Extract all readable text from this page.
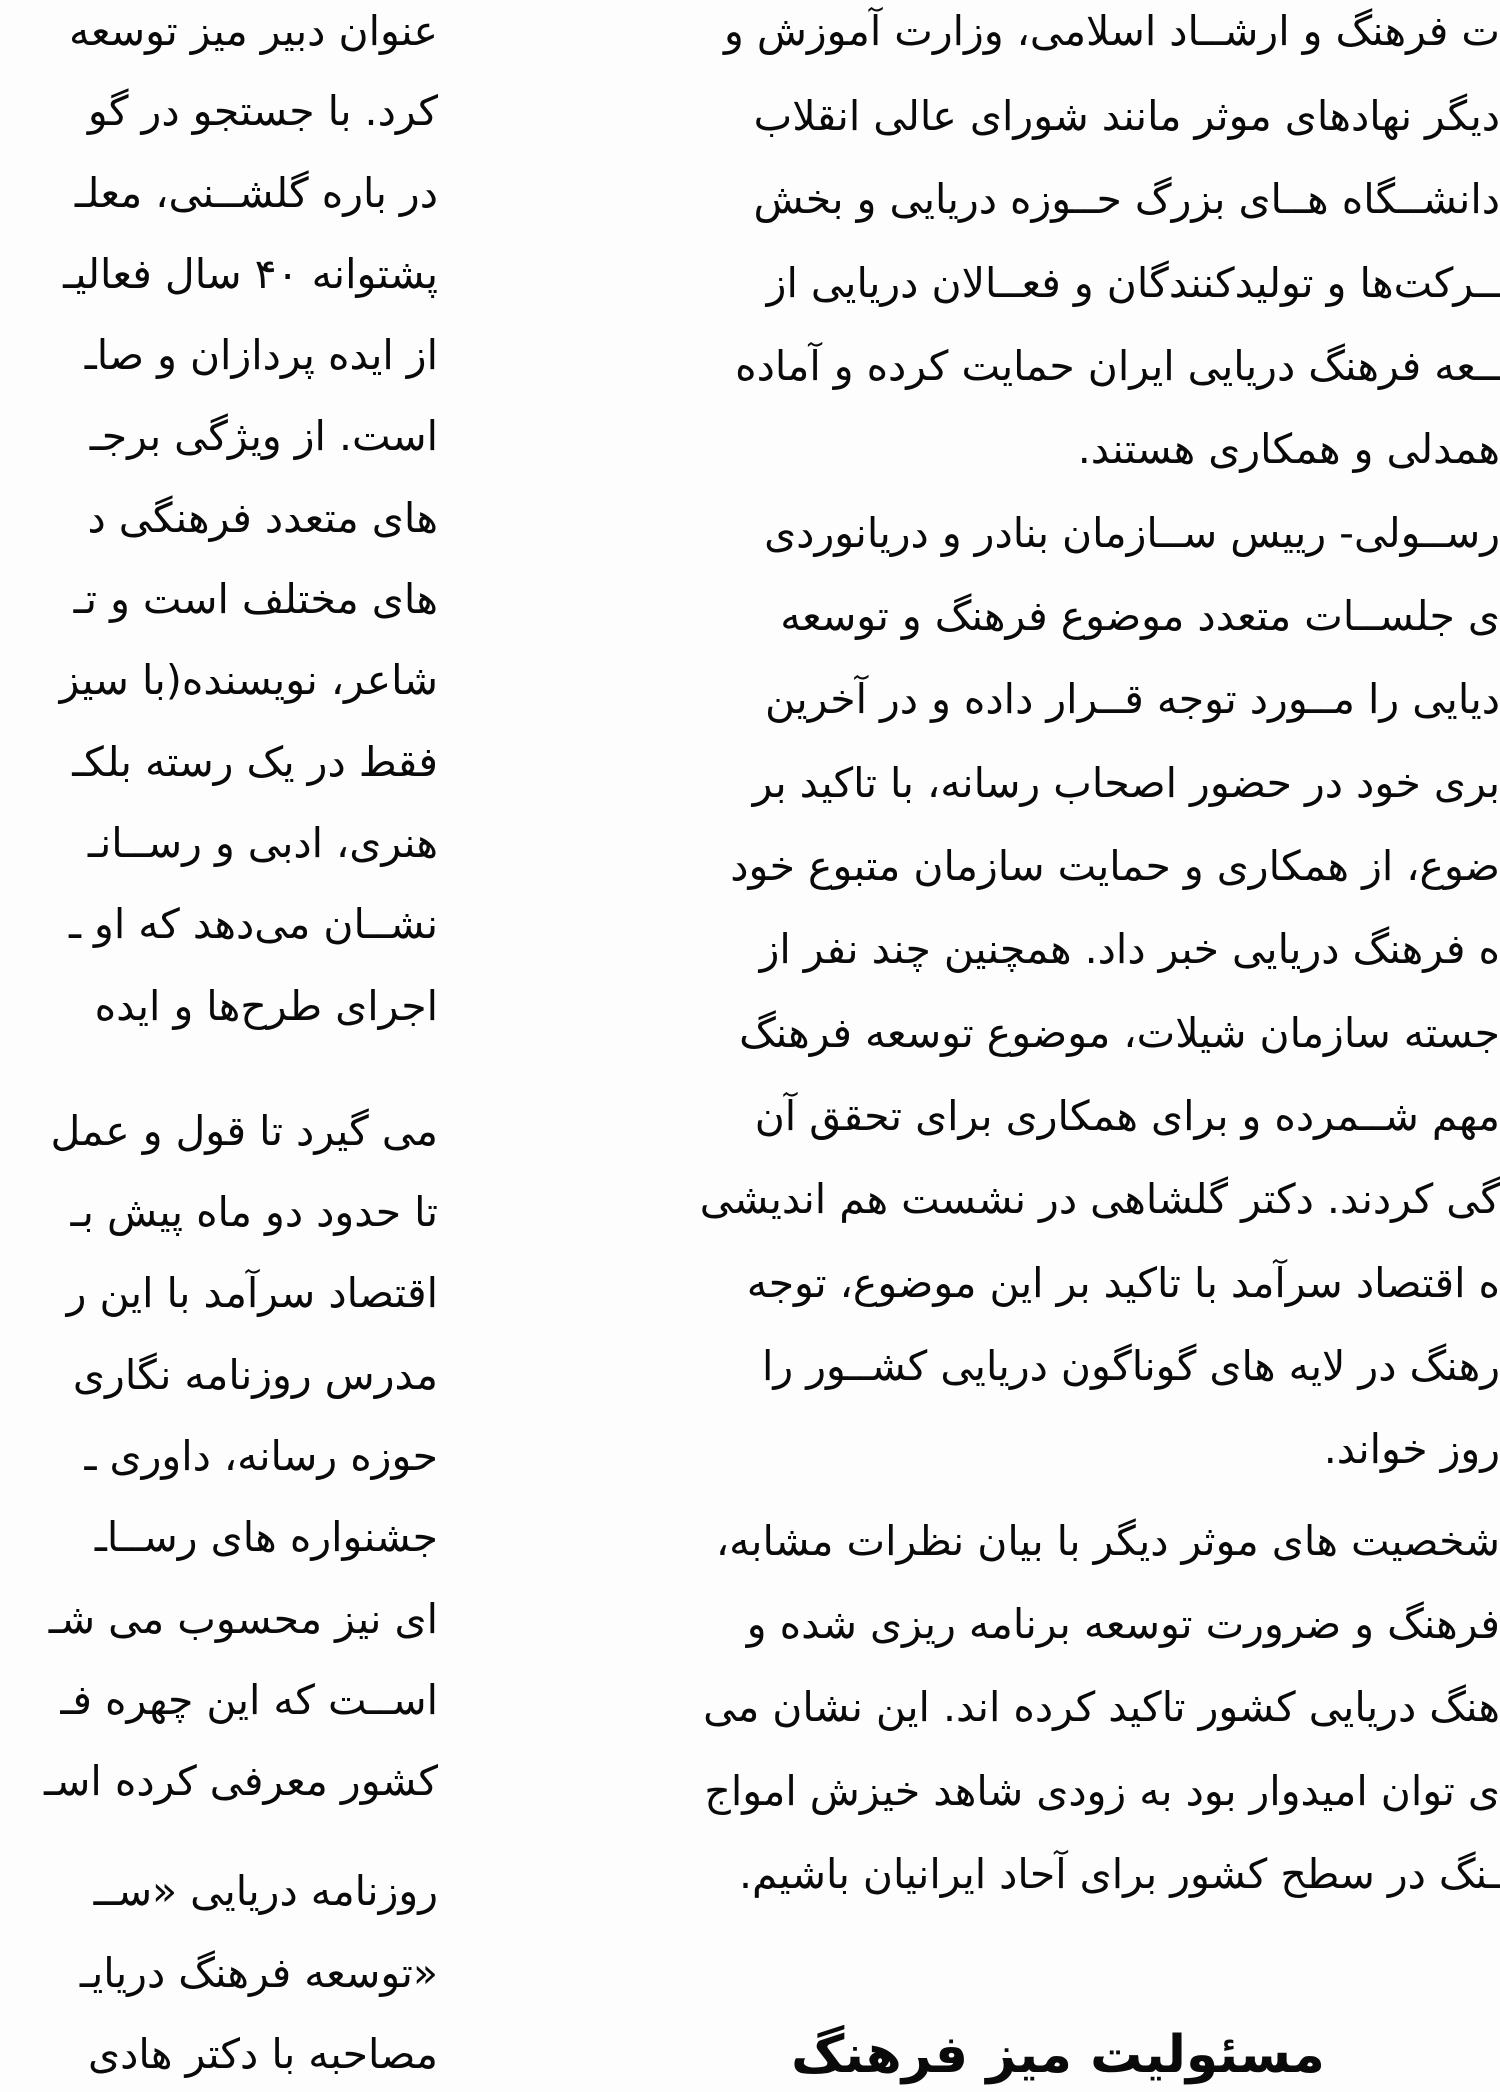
عنوان دبیر میز توسعه
کرد. با جستجو در گو
در باره گلشــنی، معلـ
پشتوانه ۴۰ سال فعالیـ
از ایده پردازان و صاـ
است. از ویژگی برجـ
های متعدد فرهنگی د
های مختلف است و تـ
شاعر، نویسنده(با سیز
فقط در یک رسته بلکـ
هنری، ادبی و رســانـ
نشــان می‌دهد که او ـ
اجرای طرح‌ها و ایده
می گیرد تا قول و عمل
تا حدود دو ماه پیش بـ
اقتصاد سرآمد با این ر
مدرس روزنامه نگاری
حوزه رسانه، داوری ـ
جشنواره های رســاـ
ای نیز محسوب می شـ
اســت که این چهره فـ
کشور معرفی کرده اسـ
روزنامه دریایی «ســ
«توسعه فرهنگ دریایـ
مصاحبه با دکتر هادی
ت فرهنگ و ارشــاد اسلامی، وزارت آموزش و
دیگر نهادهای موثر مانند شورای عالی انقلاب
دانشــگاه هــای بزرگ حــوزه دریایی و بخش
ــرکت‌ها و تولیدکنندگان و فعــالان دریایی از
ــعه فرهنگ دریایی ایران حمایت کرده و آماده
همدلی و همکاری هستند.
رســولی- رییس ســازمان بنادر و دریانوردی
ی جلســات متعدد موضوع فرهنگ و توسعه
دیایی را مــورد توجه قــرار داده و در آخرین
بری خود در حضور اصحاب رسانه، با تاکید بر
ضوع، از همکاری و حمایت سازمان متبوع خود
ه فرهنگ دریایی خبر داد. همچنین چند نفر از
جسته سازمان شیلات، موضوع توسعه فرهنگ
مهم شــمرده و برای همکاری برای تحقق آن
گی کردند. دکتر گلشاهی در نشست هم اندیشی
ه اقتصاد سرآمد با تاکید بر این موضوع، توجه
رهنگ در لایه های گوناگون دریایی کشــور را
روز خواند.
شخصیت های موثر دیگر با بیان نظرات مشابه،
فرهنگ و ضرورت توسعه برنامه ریزی شده و
هنگ دریایی کشور تاکید کرده اند. این نشان می
ی توان امیدوار بود به زودی شاهد خیزش امواج
ـنگ در سطح کشور برای آحاد ایرانیان باشیم.
مسئولیت میز فرهنگ
